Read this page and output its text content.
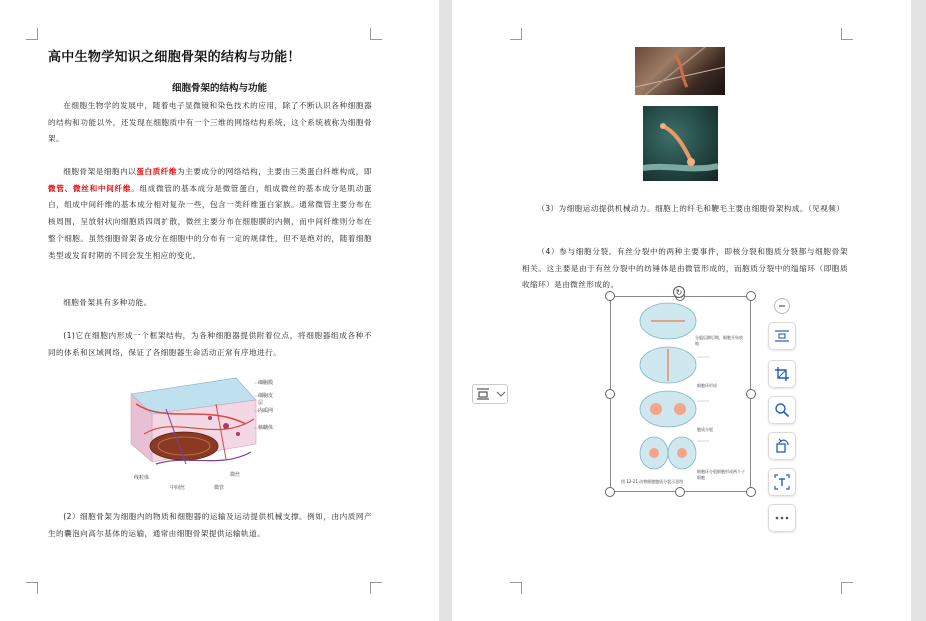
高中生物学知识之细胞骨架的结构与功能！
细胞骨架的结构与功能

在细胞生物学的发展中，随着电子显微镜和染色技术的应用，除了不断认识各种细胞器的结构和功能以外，还发现在细胞质中有一个三维的网络结构系统，这个系统被称为细胞骨架。

细胞骨架是细胞内以蛋白质纤维为主要成分的网络结构，主要由三类蛋白纤维构成，即微管、微丝和中间纤维。组成微管的基本成分是微管蛋白，组成微丝的基本成分是肌动蛋白，组成中间纤维的基本成分相对复杂一些，包含一类纤维蛋白家族。通常微管主要分布在核周围，呈放射状向细胞质四周扩散，微丝主要分布在细胞膜的内侧，而中间纤维则分布在整个细胞。虽然细胞骨架各成分在细胞中的分布有一定的规律性，但不是绝对的，随着细胞类型或发育时期的不同会发生相应的变化。

细胞骨架具有多种功能。

(1)它在细胞内形成一个框架结构，为各种细胞器提供附着位点，将细胞器组成各种不同的体系和区域网络，保证了各细胞器生命活动正常有序地进行。

细胞膜
细胞皮层
内质网
核糖体
线粒体
中间丝	微管
微丝

(2）细胞骨架为细胞内的物质和细胞器的运输及运动提供机械支撑。例如，由内质网产生的囊泡向高尔基体的运输，通常由细胞骨架提供运输轨道。

（3）为细胞运动提供机械动力。细胞上的纤毛和鞭毛主要由细胞骨架构成。（见视频）

（4）参与细胞分裂。有丝分裂中的两种主要事件，即核分裂和胞质分裂都与细胞骨架相关。这主要是由于有丝分裂中的纺锤体是由微管形成的，而胞质分裂中的缢缩环（即胞质收缩环）是由微丝形成的。

分裂后期后期，细胞开始收缩
细胞环形成
胞质分裂
细胞环分裂细胞形成两个子细胞
图 12-21 动物细胞胞质分裂示意图
↻
